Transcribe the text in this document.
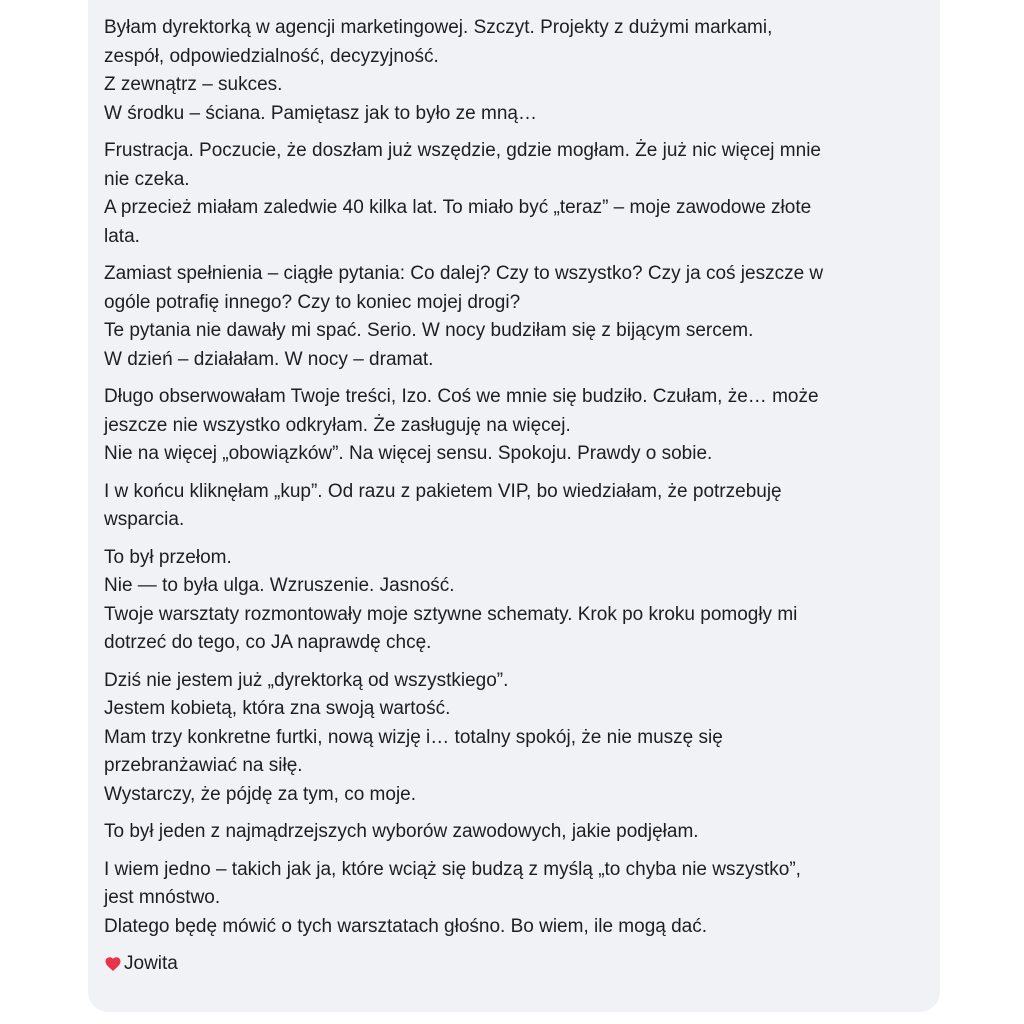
Byłam dyrektorką w agencji marketingowej. Szczyt. Projekty z dużymi markami,
zespół, odpowiedzialność, decyzyjność.
Z zewnątrz – sukces.
W środku – ściana. Pamiętasz jak to było ze mną…
Frustracja. Poczucie, że doszłam już wszędzie, gdzie mogłam. Że już nic więcej mnie
nie czeka.
A przecież miałam zaledwie 40 kilka lat. To miało być „teraz” – moje zawodowe złote
lata.
Zamiast spełnienia – ciągłe pytania: Co dalej? Czy to wszystko? Czy ja coś jeszcze w
ogóle potrafię innego? Czy to koniec mojej drogi?
Te pytania nie dawały mi spać. Serio. W nocy budziłam się z bijącym sercem.
W dzień – działałam. W nocy – dramat.
Długo obserwowałam Twoje treści, Izo. Coś we mnie się budziło. Czułam, że… może
jeszcze nie wszystko odkryłam. Że zasługuję na więcej.
Nie na więcej „obowiązków”. Na więcej sensu. Spokoju. Prawdy o sobie.
I w końcu kliknęłam „kup”. Od razu z pakietem VIP, bo wiedziałam, że potrzebuję
wsparcia.
To był przełom.
Nie — to była ulga. Wzruszenie. Jasność.
Twoje warsztaty rozmontowały moje sztywne schematy. Krok po kroku pomogły mi
dotrzeć do tego, co JA naprawdę chcę.
Dziś nie jestem już „dyrektorką od wszystkiego”.
Jestem kobietą, która zna swoją wartość.
Mam trzy konkretne furtki, nową wizję i… totalny spokój, że nie muszę się
przebranżawiać na siłę.
Wystarczy, że pójdę za tym, co moje.
To był jeden z najmądrzejszych wyborów zawodowych, jakie podjęłam.
I wiem jedno – takich jak ja, które wciąż się budzą z myślą „to chyba nie wszystko”,
jest mnóstwo.
Dlatego będę mówić o tych warsztatach głośno. Bo wiem, ile mogą dać.
Jowita
